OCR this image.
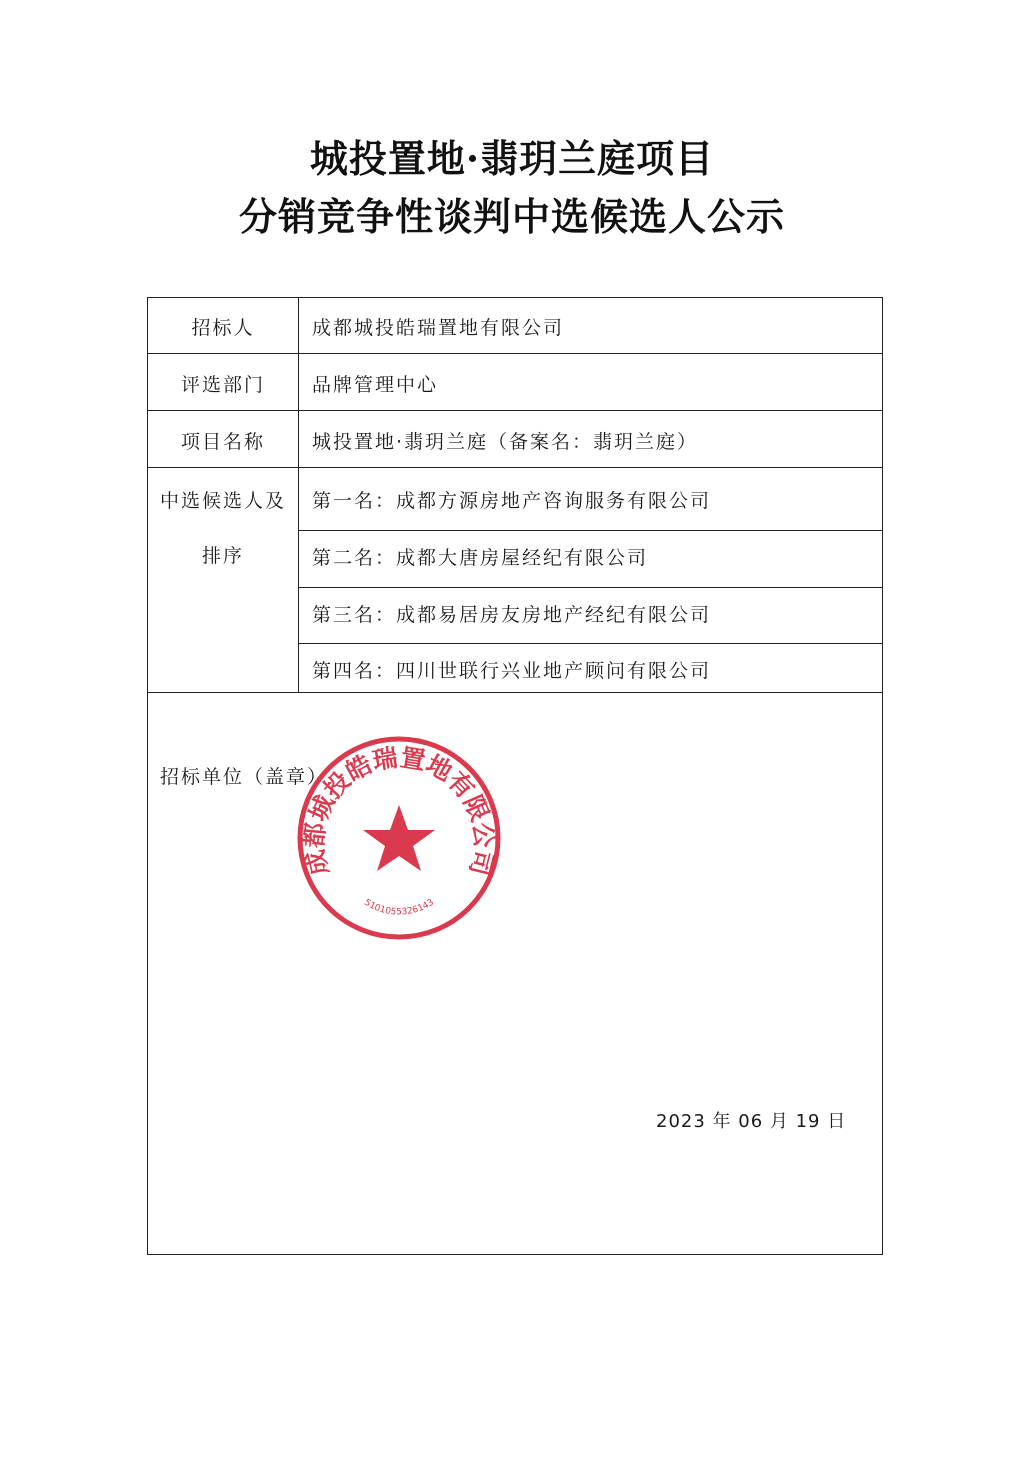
城投置地·翡玥兰庭项目
分销竞争性谈判中选候选人公示
招标人
评选部门
项目名称
中选候选人及
排序
成都城投皓瑞置地有限公司
品牌管理中心
城投置地·翡玥兰庭（备案名：翡玥兰庭）
第一名：成都方源房地产咨询服务有限公司
第二名：成都大唐房屋经纪有限公司
第三名：成都易居房友房地产经纪有限公司
第四名：四川世联行兴业地产顾问有限公司
招标单位（盖章）
成都城投皓瑞置地有限公司
5101055326143
2023 年 06 月 19 日
